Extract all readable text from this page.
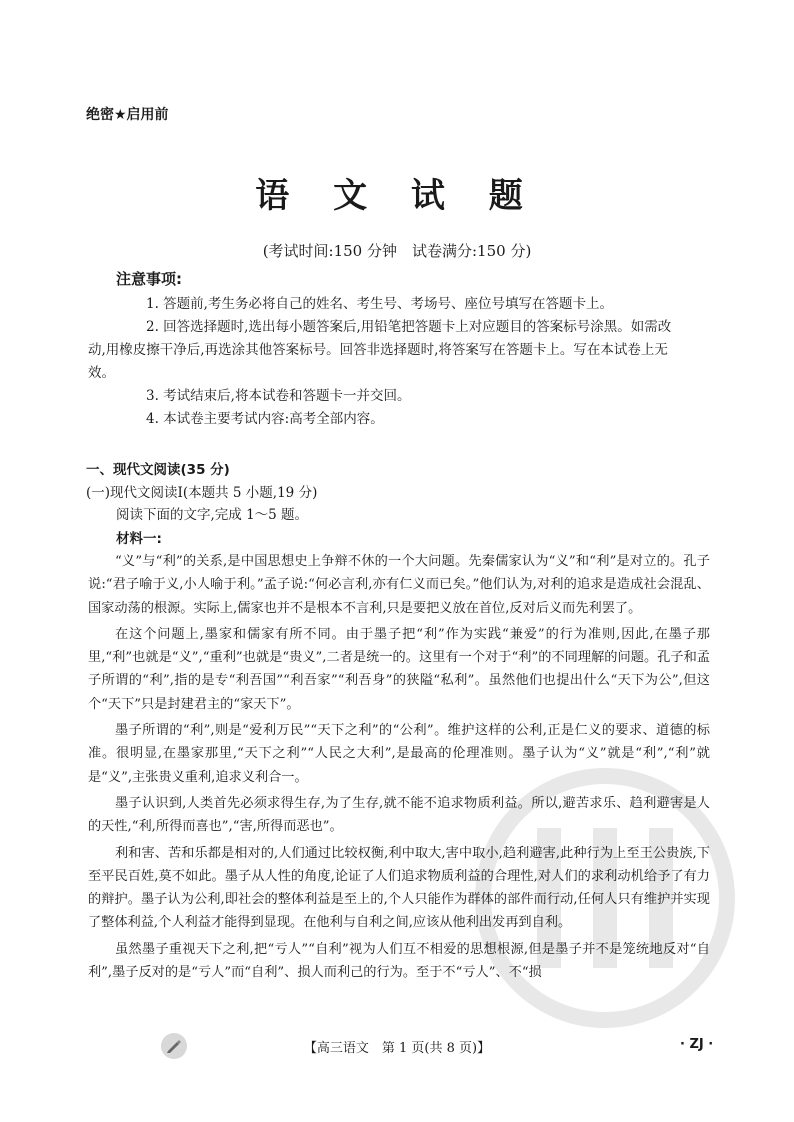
绝密★启用前
语 文 试 题
(考试时间:150 分钟　试卷满分:150 分)
注意事项:

1. 答题前,考生务必将自己的姓名、考生号、考场号、座位号填写在答题卡上。

2. 回答选择题时,选出每小题答案后,用铅笔把答题卡上对应题目的答案标号涂黑。如需改动,用橡皮擦干净后,再选涂其他答案标号。回答非选择题时,将答案写在答题卡上。写在本试卷上无效。

3. 考试结束后,将本试卷和答题卡一并交回。

4. 本试卷主要考试内容:高考全部内容。

一、现代文阅读(35 分)
(一)现代文阅读Ⅰ(本题共 5 小题,19 分)
阅读下面的文字,完成 1～5 题。
材料一:

“义”与“利”的关系,是中国思想史上争辩不休的一个大问题。先秦儒家认为“义”和“利”是对立的。孔子说:“君子喻于义,小人喻于利。”孟子说:“何必言利,亦有仁义而已矣。”他们认为,对利的追求是造成社会混乱、国家动荡的根源。实际上,儒家也并不是根本不言利,只是要把义放在首位,反对后义而先利罢了。

在这个问题上,墨家和儒家有所不同。由于墨子把“利”作为实践“兼爱”的行为准则,因此,在墨子那里,“利”也就是“义”,“重利”也就是“贵义”,二者是统一的。这里有一个对于“利”的不同理解的问题。孔子和孟子所谓的“利”,指的是专“利吾国”“利吾家”“利吾身”的狭隘“私利”。虽然他们也提出什么“天下为公”,但这个“天下”只是封建君主的“家天下”。

墨子所谓的“利”,则是“爱利万民”“天下之利”的“公利”。维护这样的公利,正是仁义的要求、道德的标准。很明显,在墨家那里,“天下之利”“人民之大利”,是最高的伦理准则。墨子认为“义”就是“利”,“利”就是“义”,主张贵义重利,追求义利合一。

墨子认识到,人类首先必须求得生存,为了生存,就不能不追求物质利益。所以,避苦求乐、趋利避害是人的天性,“利,所得而喜也”,“害,所得而恶也”。

利和害、苦和乐都是相对的,人们通过比较权衡,利中取大,害中取小,趋利避害,此种行为上至王公贵族,下至平民百姓,莫不如此。墨子从人性的角度,论证了人们追求物质利益的合理性,对人们的求利动机给予了有力的辩护。墨子认为公利,即社会的整体利益是至上的,个人只能作为群体的部件而行动,任何人只有维护并实现了整体利益,个人利益才能得到显现。在他利与自利之间,应该从他利出发再到自利。

虽然墨子重视天下之利,把“亏人”“自利”视为人们互不相爱的思想根源,但是墨子并不是笼统地反对“自利”,墨子反对的是“亏人”而“自利”、损人而利己的行为。至于不“亏人”、不“损

【高三语文　第 1 页(共 8 页)】	· ZJ ·
